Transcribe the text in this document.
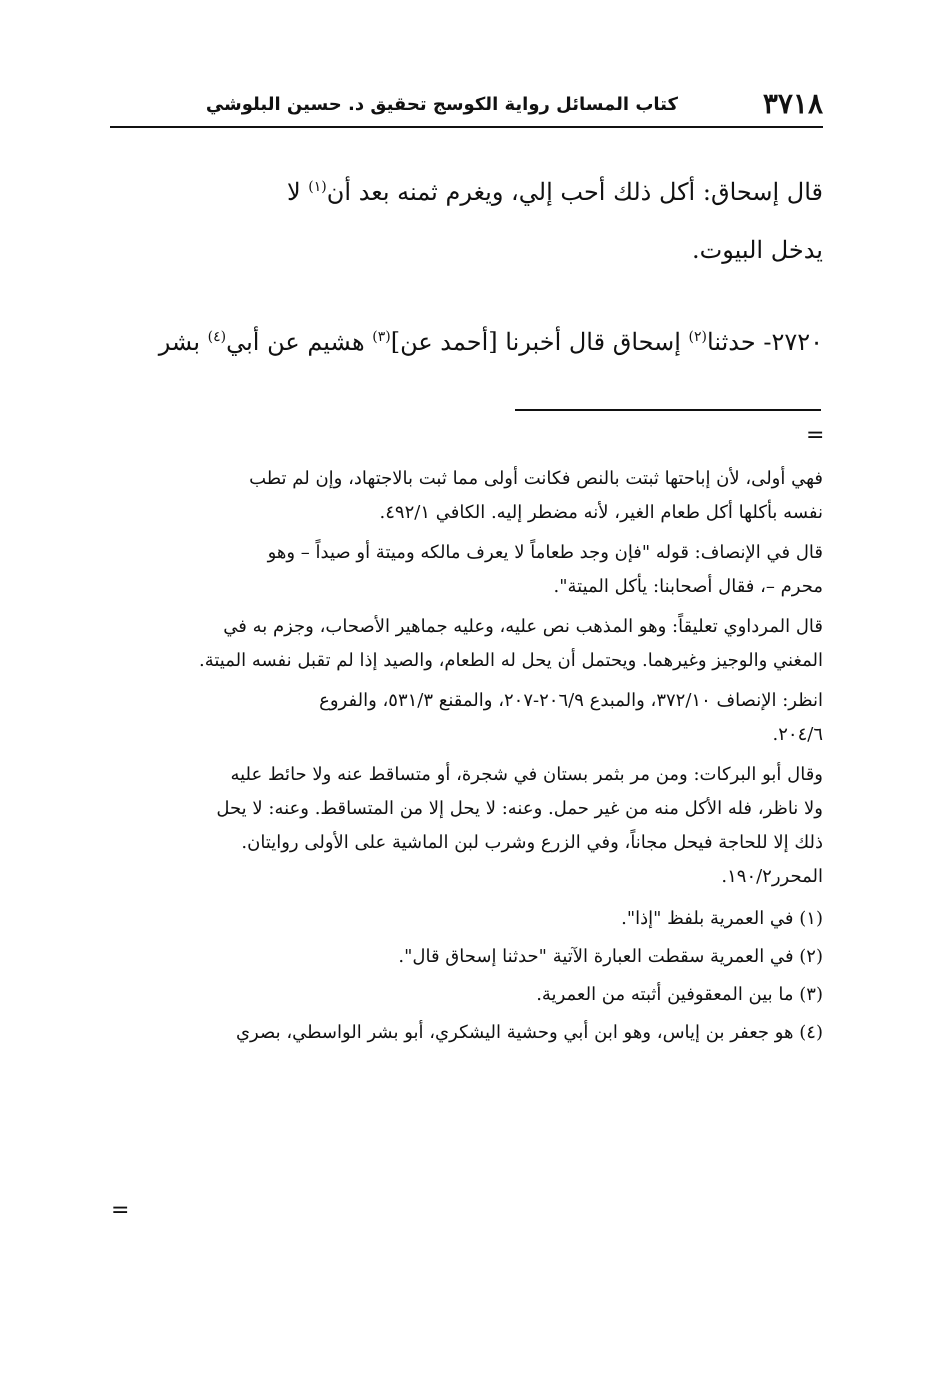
٣٧١٨
كتاب المسائل رواية الكوسج تحقيق د. حسين البلوشي

قال إسحاق: أكل ذلك أحب إلي، ويغرم ثمنه بعد أن$^{(١)}$ لا
يدخل البيوت.

٢٧٢٠- حدثنا$^{(٢)}$ إسحاق قال أخبرنا [أحمد عن]$^{(٣)}$ هشيم عن أبي$^{(٤)}$ بشر

=

فهي أولى، لأن إباحتها ثبتت بالنص فكانت أولى مما ثبت بالاجتهاد، وإن لم تطب
نفسه بأكلها أكل طعام الغير، لأنه مضطر إليه. الكافي ٤٩٢/١.

قال في الإنصاف: قوله "فإن وجد طعاماً لا يعرف مالكه وميتة أو صيداً – وهو
محرم –، فقال أصحابنا: يأكل الميتة".

قال المرداوي تعليقاً: وهو المذهب نص عليه، وعليه جماهير الأصحاب، وجزم به في
المغني والوجيز وغيرهما. ويحتمل أن يحل له الطعام، والصيد إذا لم تقبل نفسه الميتة.

انظر: الإنصاف ٣٧٢/١٠، والمبدع ٢٠٦/٩-٢٠٧، والمقنع ٥٣١/٣، والفروع
٢٠٤/٦.

وقال أبو البركات: ومن مر بثمر بستان في شجرة، أو متساقط عنه ولا حائط عليه
ولا ناظر، فله الأكل منه من غير حمل. وعنه: لا يحل إلا من المتساقط. وعنه: لا يحل
ذلك إلا للحاجة فيحل مجاناً، وفي الزرع وشرب لبن الماشية على الأولى روايتان.
المحرر١٩٠/٢.

(١) في العمرية بلفظ "إذا".

(٢) في العمرية سقطت العبارة الآتية "حدثنا إسحاق قال".

(٣) ما بين المعقوفين أثبته من العمرية.

(٤) هو جعفر بن إياس، وهو ابن أبي وحشية اليشكري، أبو بشر الواسطي، بصري

=
